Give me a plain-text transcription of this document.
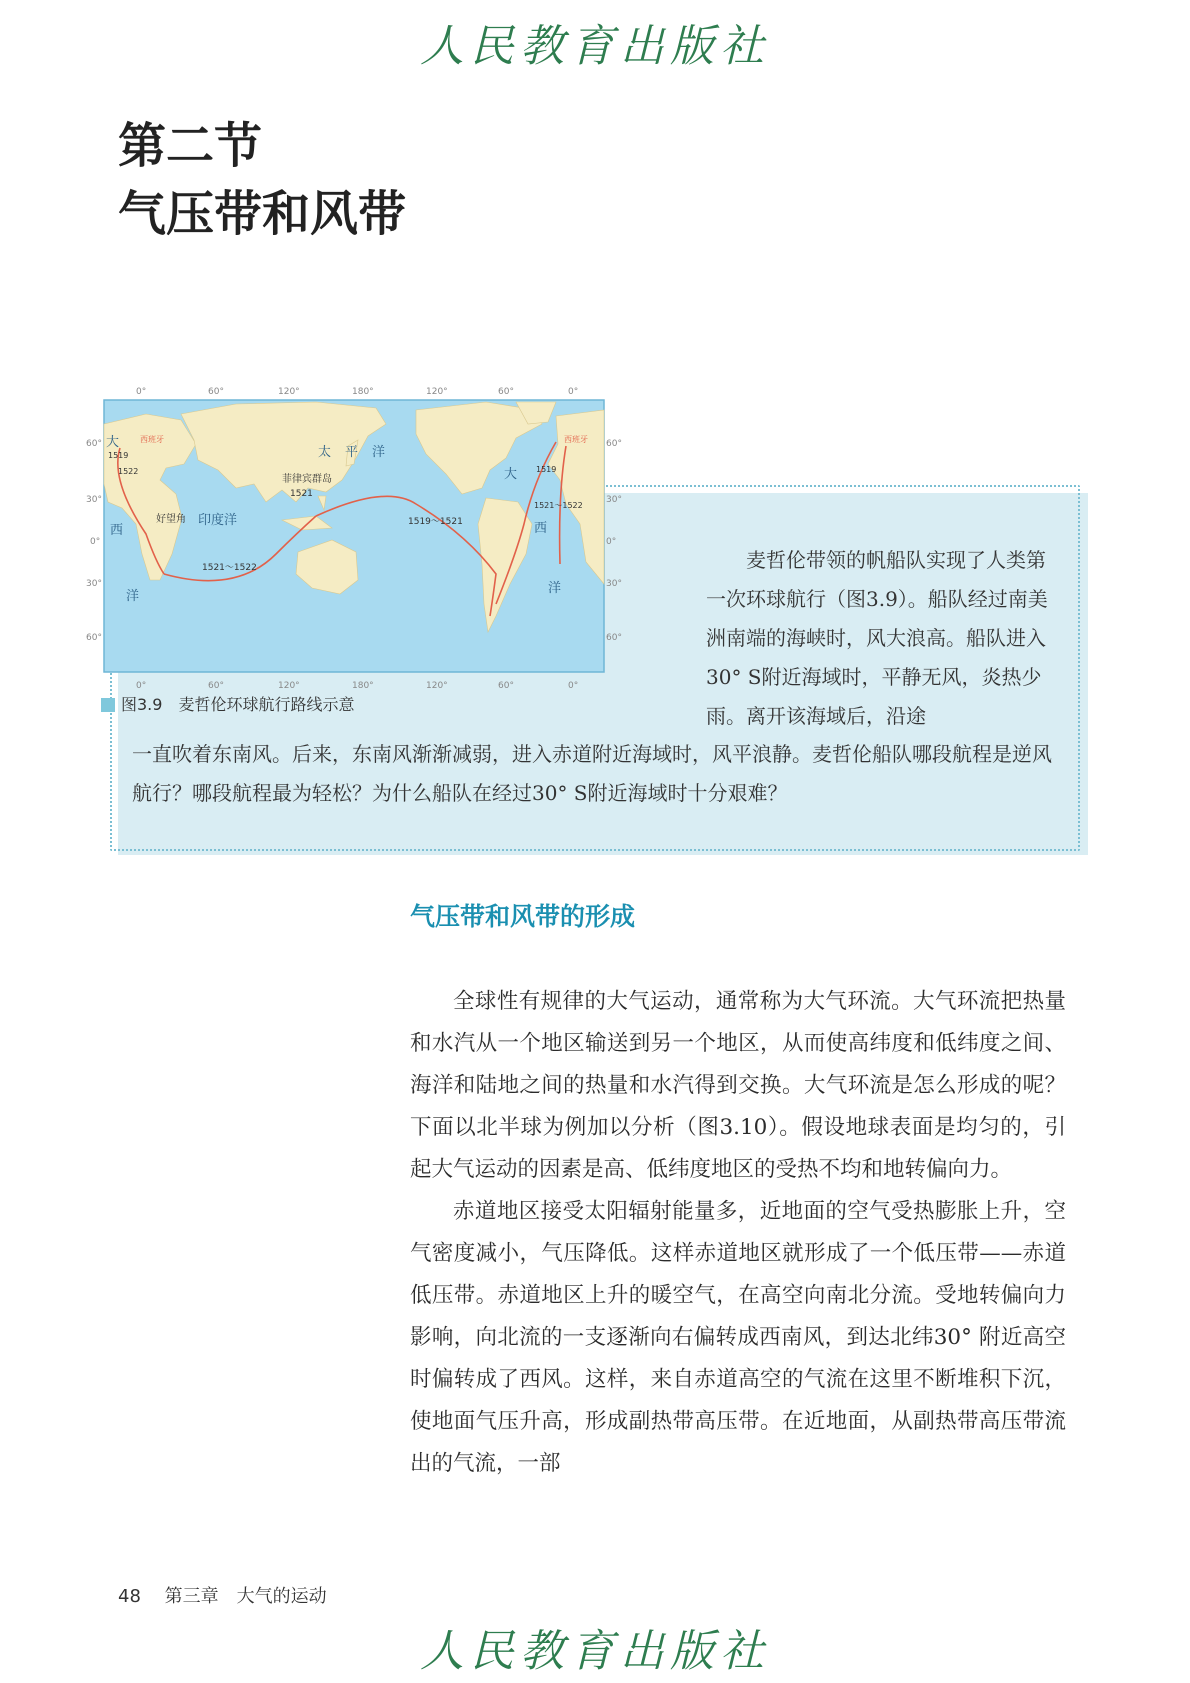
人民教育出版社
第二节
气压带和风带
0°	60°	120°	180°	120°	60°	0°
0°	60°	120°	180°	120°	60°	0°
60°
30°
0°
30°
60°
60°
30°
0°
30°
60°
西班牙	西班牙
菲律宾群岛
1521
好望角 印度洋
太平洋
大
西
洋
大
西
洋
1519～1521
1521～1522
1519
1521～1522
1519
1522
图3.9　 麦哲伦环球航行路线示意
麦哲伦带领的帆船队实现了人类第一次环球航行（图3.9）。船队经过南美洲南端的海峡时，风大浪高。船队进入30° S附近海域时，平静无风，炎热少雨。离开该海域后，沿途
一直吹着东南风。后来，东南风渐渐减弱，进入赤道附近海域时，风平浪静。麦哲伦船队哪段航程是逆风航行？哪段航程最为轻松？为什么船队在经过30° S附近海域时十分艰难？
气压带和风带的形成

全球性有规律的大气运动，通常称为大气环流。大气环流把热量和水汽从一个地区输送到另一个地区，从而使高纬度和低纬度之间、海洋和陆地之间的热量和水汽得到交换。大气环流是怎么形成的呢？下面以北半球为例加以分析（图3.10）。假设地球表面是均匀的，引起大气运动的因素是高、低纬度地区的受热不均和地转偏向力。

赤道地区接受太阳辐射能量多，近地面的空气受热膨胀上升，空气密度减小，气压降低。这样赤道地区就形成了一个低压带——赤道低压带。赤道地区上升的暖空气，在高空向南北分流。受地转偏向力影响，向北流的一支逐渐向右偏转成西南风，到达北纬30° 附近高空时偏转成了西风。这样，来自赤道高空的气流在这里不断堆积下沉，使地面气压升高，形成副热带高压带。在近地面，从副热带高压带流出的气流，一部

48 第三章　大气的运动
人民教育出版社
